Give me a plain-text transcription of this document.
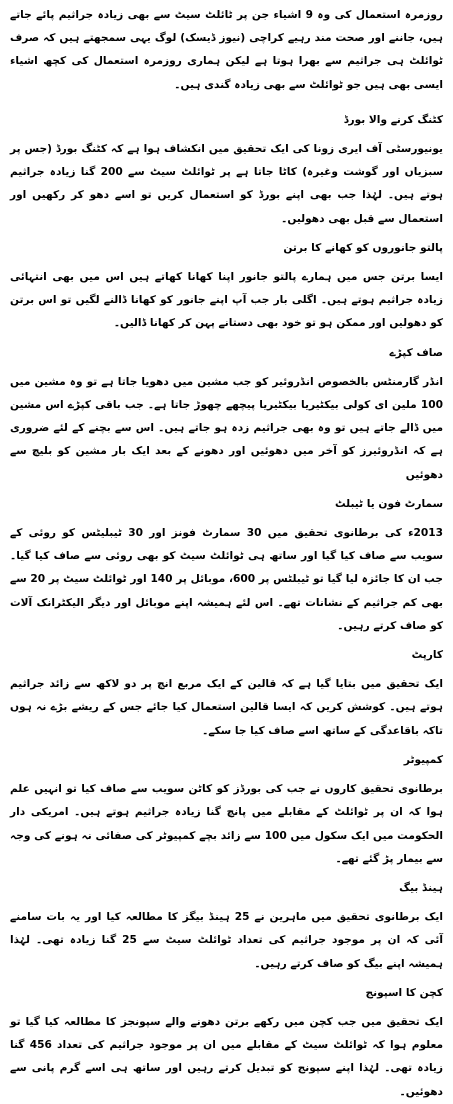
روزمرہ استعمال کی وہ 9 اشیاء جن پر ٹائلٹ سیٹ سے بھی زیادہ جراثیم پائے جاتے ہیں، جاننے اور صحت مند رہیے کراچی (نیوز ڈیسک) لوگ یہی سمجھتے ہیں کہ صرف ٹوائلٹ ہی جراثیم سے بھرا ہوتا ہے لیکن ہماری روزمرہ استعمال کی کچھ اشیاء ایسی بھی ہیں جو ٹوائلٹ سے بھی زیادہ گندی ہیں۔

کٹنگ کرنے والا بورڈ

یونیورسٹی آف ایری زونا کی ایک تحقیق میں انکشاف ہوا ہے کہ کٹنگ بورڈ (جس پر سبزیاں اور گوشت وغیرہ) کاٹا جاتا ہے پر ٹوائلٹ سیٹ سے 200 گنا زیادہ جراثیم ہوتے ہیں۔ لہٰذا جب بھی اپنے بورڈ کو استعمال کریں تو اسے دھو کر رکھیں اور استعمال سے قبل بھی دھولیں۔

پالتو جانوروں کو کھانے کا برتن

ایسا برتن جس میں ہمارے پالتو جانور اپنا کھانا کھاتے ہیں اس میں بھی انتہائی زیادہ جراثیم ہوتے ہیں۔ اگلی بار جب آپ اپنے جانور کو کھانا ڈالنے لگیں تو اس برتن کو دھولیں اور ممکن ہو تو خود بھی دستانے پہن کر کھانا ڈالیں۔

صاف کپڑے

انڈر گارمنٹس بالخصوص انڈروئیر کو جب مشین میں دھویا جاتا ہے تو وہ مشین میں 100 ملین ای کولی بیکٹیریا بیکٹیریا پیچھے چھوڑ جاتا ہے۔ جب باقی کپڑے اس مشین میں ڈالے جاتے ہیں تو وہ بھی جراثیم زدہ ہو جاتے ہیں۔ اس سے بچنے کے لئے ضروری ہے کہ انڈروئیرز کو آخر میں دھوئیں اور دھونے کے بعد ایک بار مشین کو بلیچ سے دھوئیں

سمارٹ فون یا ٹیبلٹ

2013ء کی برطانوی تحقیق میں 30 سمارٹ فونز اور 30 ٹیبلیٹس کو روئی کے سویب سے صاف کیا گیا اور ساتھ ہی ٹوائلٹ سیٹ کو بھی روئی سے صاف کیا گیا۔ جب ان کا جائزہ لیا گیا تو ٹیبلٹس پر 600، موبائل پر 140 اور ٹوائلٹ سیٹ پر 20 سے بھی کم جراثیم کے نشانات تھے۔ اس لئے ہمیشہ اپنے موبائل اور دیگر الیکٹرانک آلات کو صاف کرتے رہیں۔

کارپٹ

ایک تحقیق میں بتایا گیا ہے کہ قالین کے ایک مربع انچ پر دو لاکھ سے زائد جراثیم ہوتے ہیں۔ کوشش کریں کہ ایسا قالین استعمال کیا جائے جس کے ریشے بڑے نہ ہوں تاکہ باقاعدگی کے ساتھ اسے صاف کیا جا سکے۔

کمپیوٹر

برطانوی تحقیق کاروں نے جب کی بورڈز کو کاٹن سویب سے صاف کیا تو انہیں علم ہوا کہ ان پر ٹوائلٹ کے مقابلے میں پانچ گنا زیادہ جراثیم ہوتے ہیں۔ امریکی دار الحکومت میں ایک سکول میں 100 سے زائد بچے کمپیوٹر کی صفائی نہ ہونے کی وجہ سے بیمار پڑ گئے تھے۔

ہینڈ بیگ

ایک برطانوی تحقیق میں ماہرین نے 25 ہینڈ بیگز کا مطالعہ کیا اور یہ بات سامنے آئی کہ ان پر موجود جراثیم کی تعداد ٹوائلٹ سیٹ سے 25 گنا زیادہ تھی۔ لہٰذا ہمیشہ اپنے بیگ کو صاف کرتے رہیں۔

کچن کا اسپونج

ایک تحقیق میں جب کچن میں رکھے برتن دھونے والے سپونجز کا مطالعہ کیا گیا تو معلوم ہوا کہ ٹوائلٹ سیٹ کے مقابلے میں ان پر موجود جراثیم کی تعداد 456 گنا زیادہ تھی۔ لہٰذا اپنے سپونج کو تبدیل کرتے رہیں اور ساتھ ہی اسے گرم پانی سے دھوئیں۔
